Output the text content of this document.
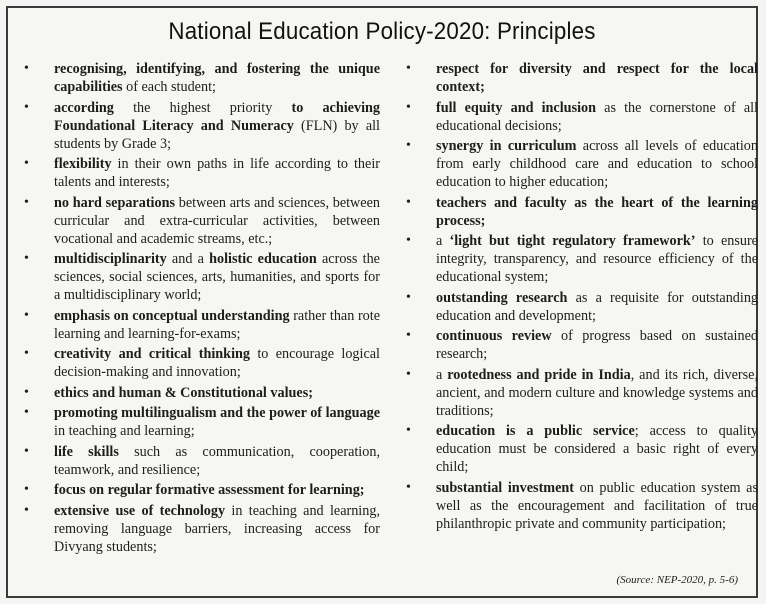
National Education Policy-2020: Principles
• recognising, identifying, and fostering the unique capabilities of each student;
• according the highest priority to achieving Foundational Literacy and Numeracy (FLN) by all students by Grade 3;
• flexibility in their own paths in life according to their talents and interests;
• no hard separations between arts and sciences, between curricular and extra-curricular activities, between vocational and academic streams, etc.;
• multidisciplinarity and a holistic education across the sciences, social sciences, arts, humanities, and sports for a multidisciplinary world;
• emphasis on conceptual understanding rather than rote learning and learning-for-exams;
• creativity and critical thinking to encourage logical decision-making and innovation;
• ethics and human & Constitutional values;
• promoting multilingualism and the power of language in teaching and learning;
• life skills such as communication, cooperation, teamwork, and resilience;
• focus on regular formative assessment for learning;
• extensive use of technology in teaching and learning, removing language barriers, increasing access for Divyang students;
• respect for diversity and respect for the local context;
• full equity and inclusion as the cornerstone of all educational decisions;
• synergy in curriculum across all levels of education from early childhood care and education to school education to higher education;
• teachers and faculty as the heart of the learning process;
• a ‘light but tight regulatory framework’ to ensure integrity, transparency, and resource efficiency of the educational system;
• outstanding research as a requisite for outstanding education and development;
• continuous review of progress based on sustained research;
• a rootedness and pride in India, and its rich, diverse, ancient, and modern culture and knowledge systems and traditions;
• education is a public service; access to quality education must be considered a basic right of every child;
• substantial investment on public education system as well as the encouragement and facilitation of true philanthropic private and community participation;
(Source: NEP-2020, p. 5-6)
